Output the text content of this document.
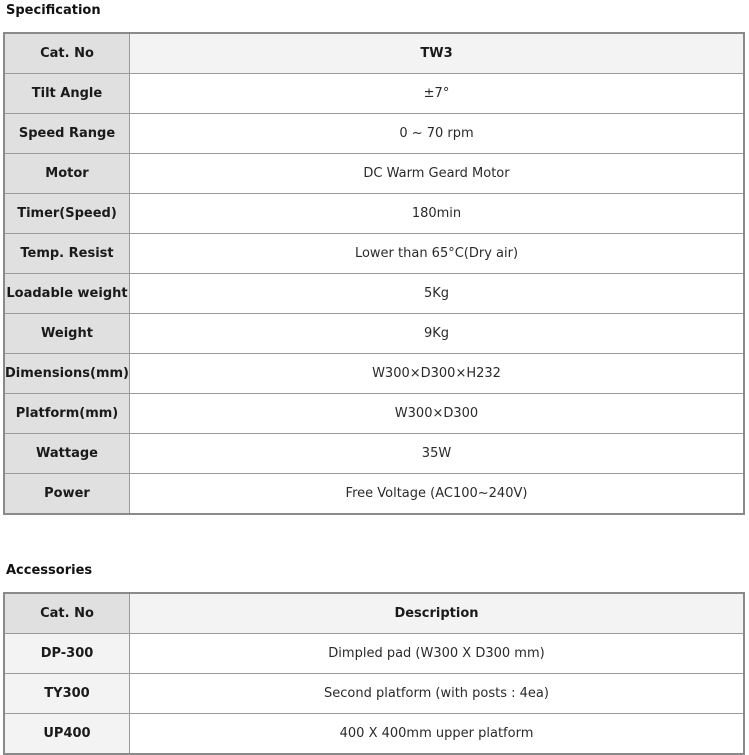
Specification
Cat. No	TW3
Tilt Angle	±7°
Speed Range	0 ~ 70 rpm
Motor	DC Warm Geard Motor
Timer(Speed)	180min
Temp. Resist	Lower than 65°C(Dry air)
Loadable weight	5Kg
Weight	9Kg
Dimensions(mm)	W300×D300×H232
Platform(mm)	W300×D300
Wattage	35W
Power	Free Voltage (AC100~240V)
Accessories
Cat. No	Description
DP-300	Dimpled pad (W300 X D300 mm)
TY300	Second platform (with posts : 4ea)
UP400	400 X 400mm upper platform
